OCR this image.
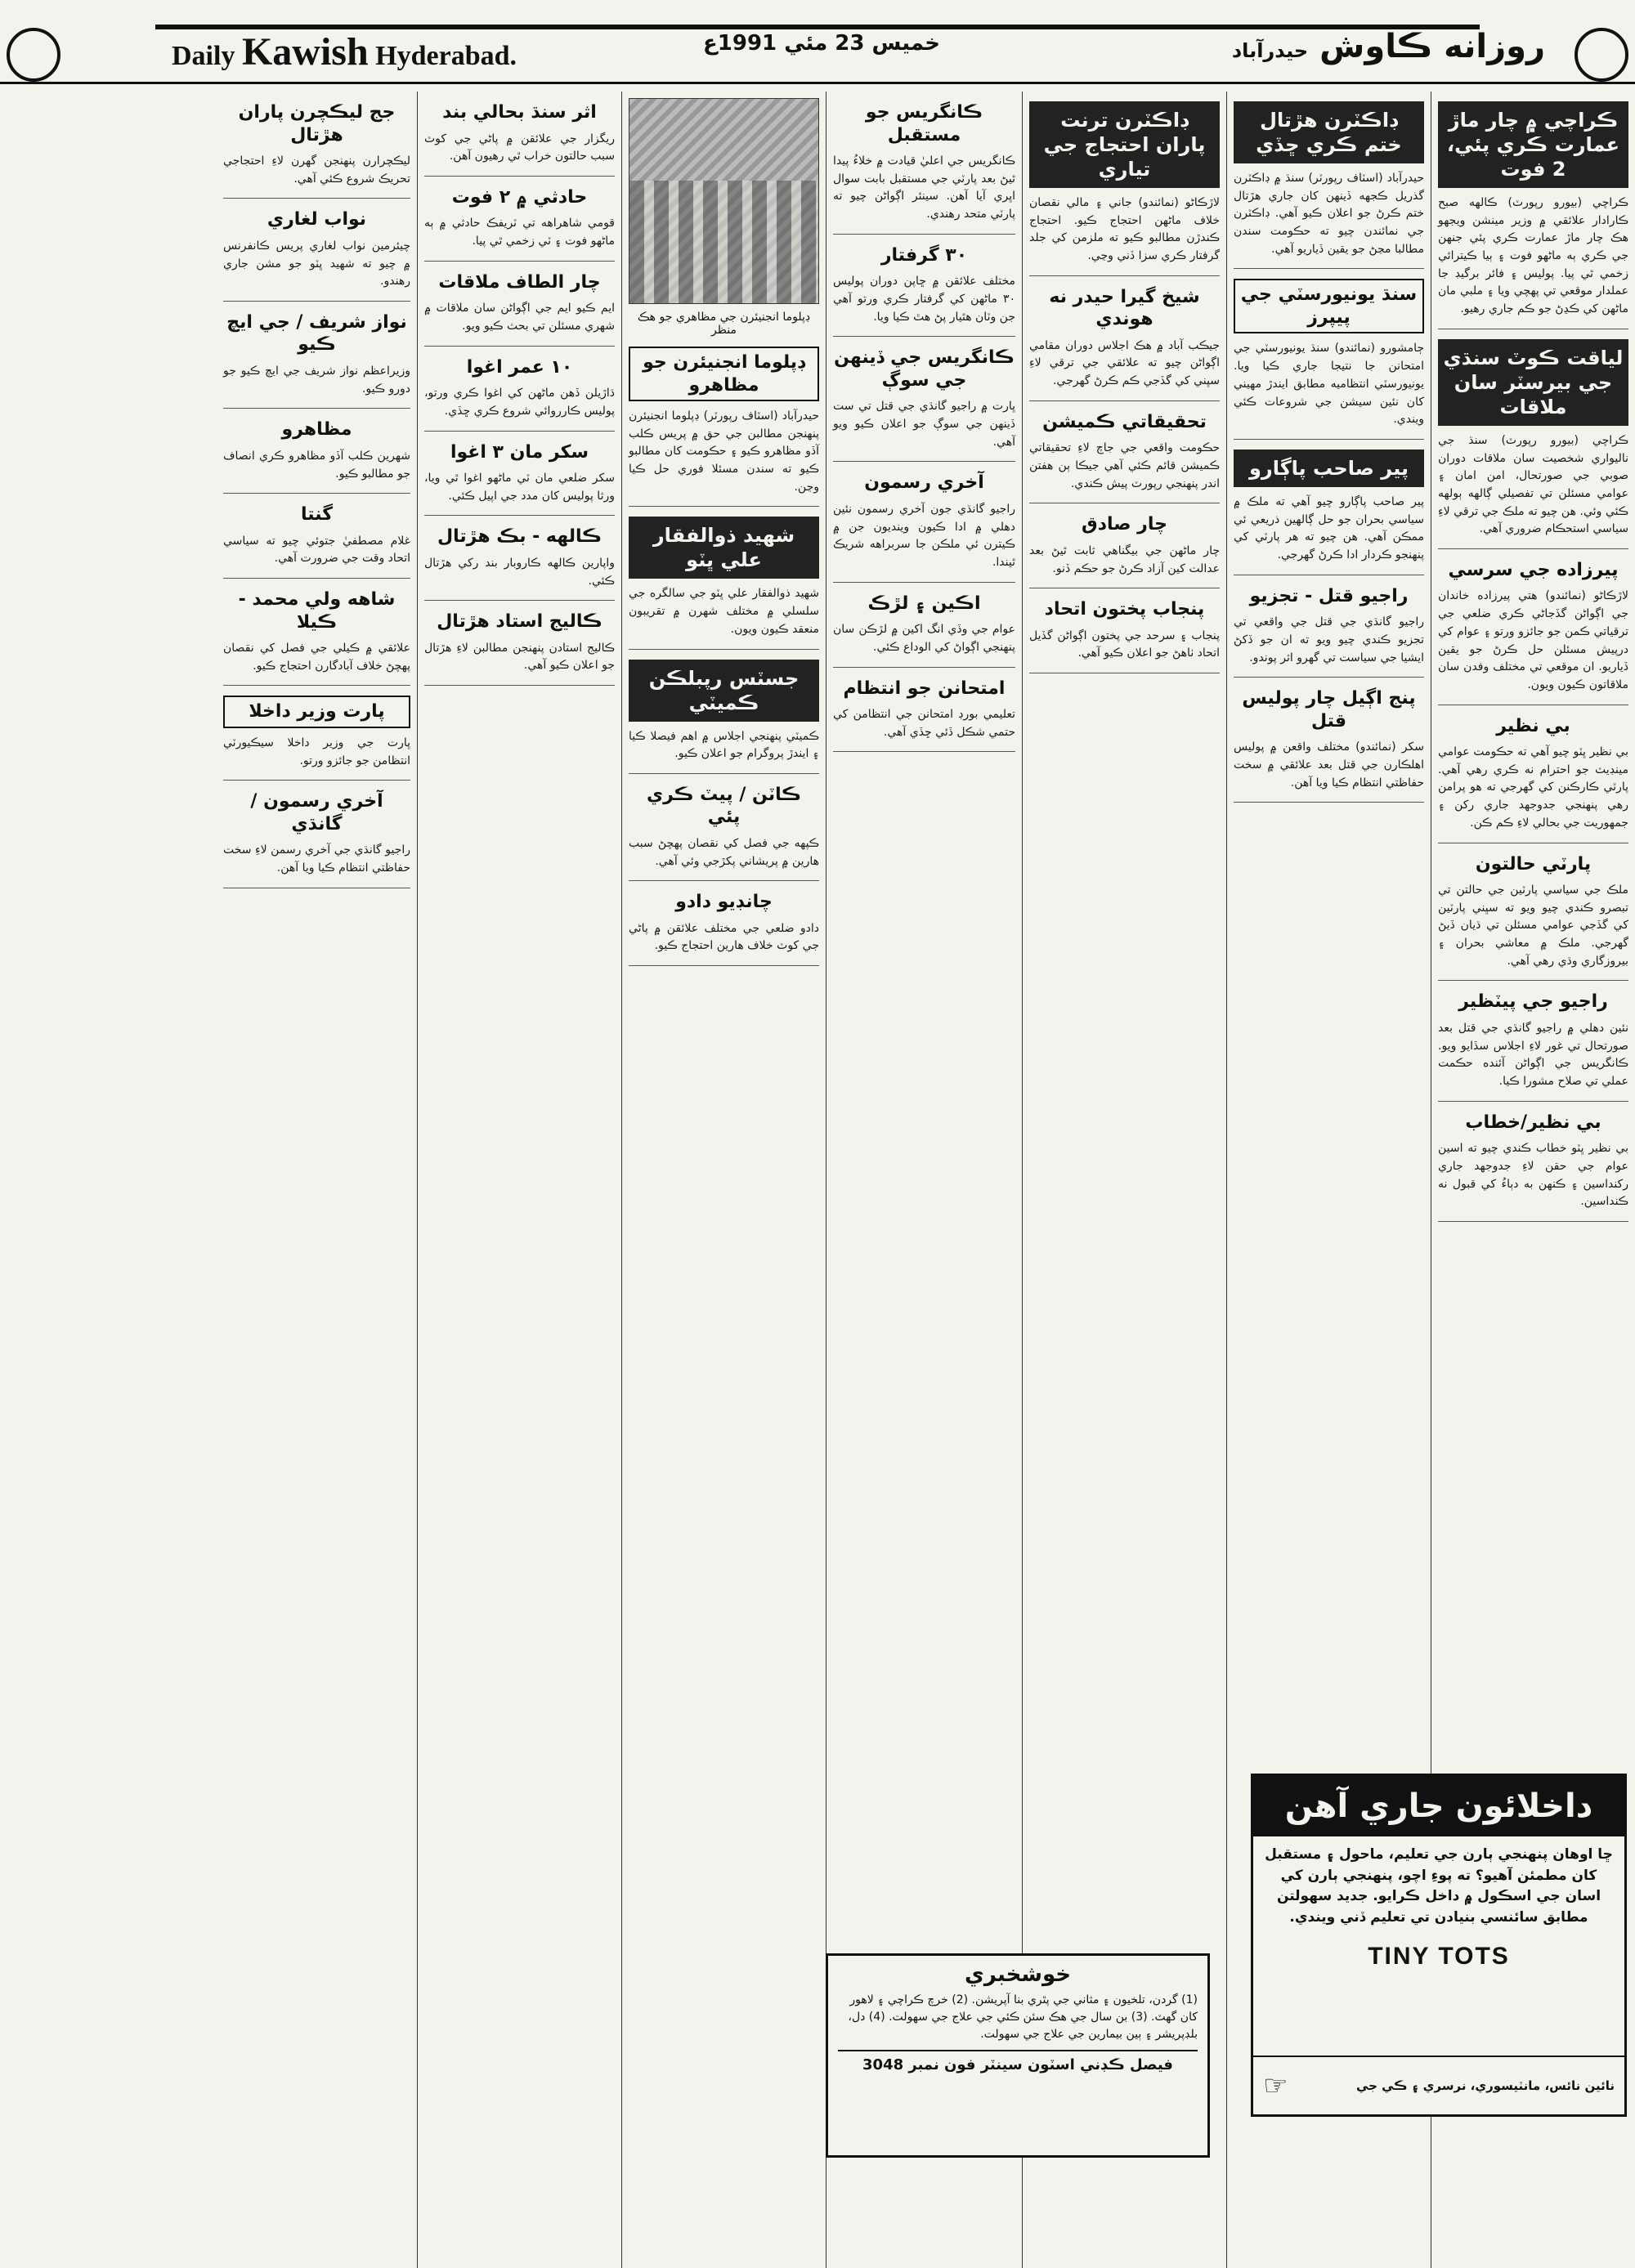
Daily Kawish Hyderabad.	خميس 23 مئي 1991ع	روزانه ڪاوش حيدرآباد
ڪراچي ۾ چار ماڙ عمارت ڪري پئي، 2 فوت

ڪراچي (بيورو رپورٽ) ڪالهه صبح ڪارادار علائقي ۾ وزير مينشن ويجهو هڪ چار ماڙ عمارت ڪري پئي جنهن جي ڪري ٻه ماڻهو فوت ۽ ٻيا ڪيترائي زخمي ٿي پيا. پوليس ۽ فائر برگيڊ جا عملدار موقعي تي پهچي ويا ۽ ملبي مان ماڻهن کي ڪڍڻ جو ڪم جاري رهيو.

لياقت ڪوٽ سنڌي جي بيرسٽر سان ملاقات

ڪراچي (بيورو رپورٽ) سنڌ جي ناليواري شخصيت سان ملاقات دوران صوبي جي صورتحال، امن امان ۽ عوامي مسئلن تي تفصيلي ڳالهه ٻولهه ڪئي وئي. هن چيو ته ملڪ جي ترقي لاءِ سياسي استحڪام ضروري آهي.

پيرزاده جي سرسي

لاڙڪاڻو (نمائندو) هتي پيرزاده خاندان جي اڳواڻن گڏجاڻي ڪري ضلعي جي ترقياتي ڪمن جو جائزو ورتو ۽ عوام کي درپيش مسئلن حل ڪرڻ جو يقين ڏياريو. ان موقعي تي مختلف وفدن سان ملاقاتون ڪيون ويون.

بي نظير

بي نظير ڀٽو چيو آهي ته حڪومت عوامي مينڊيٽ جو احترام نه ڪري رهي آهي. پارٽي ڪارڪنن کي گهرجي ته هو پرامن رهي پنهنجي جدوجهد جاري رکن ۽ جمهوريت جي بحالي لاءِ ڪم ڪن.

پارٽي حالتون

ملڪ جي سياسي پارٽين جي حالتن تي تبصرو ڪندي چيو ويو ته سڀني پارٽين کي گڏجي عوامي مسئلن تي ڌيان ڏيڻ گهرجي. ملڪ ۾ معاشي بحران ۽ بيروزگاري وڌي رهي آهي.

راجيو جي پيٽظير

نئين دهلي ۾ راجيو گانڌي جي قتل بعد صورتحال تي غور لاءِ اجلاس سڏايو ويو. ڪانگريس جي اڳواڻن آئنده حڪمت عملي تي صلاح مشورا ڪيا.

بي نظير/خطاب

بي نظير ڀٽو خطاب ڪندي چيو ته اسين عوام جي حقن لاءِ جدوجهد جاري رکنداسين ۽ ڪنهن به دٻاءُ کي قبول نه ڪنداسين.

ڊاڪٽرن هڙتال ختم ڪري ڇڏي

حيدرآباد (اسٽاف رپورٽر) سنڌ ۾ ڊاڪٽرن گذريل ڪجهه ڏينهن کان جاري هڙتال ختم ڪرڻ جو اعلان ڪيو آهي. ڊاڪٽرن جي نمائندن چيو ته حڪومت سندن مطالبا مڃڻ جو يقين ڏياريو آهي.

سنڌ يونيورسٽي جي پيپرز

ڄامشورو (نمائندو) سنڌ يونيورسٽي جي امتحانن جا نتيجا جاري ڪيا ويا. يونيورسٽي انتظاميه مطابق ايندڙ مهيني کان نئين سيشن جي شروعات ڪئي ويندي.

پير صاحب پاڳارو

پير صاحب پاڳارو چيو آهي ته ملڪ ۾ سياسي بحران جو حل ڳالهين ذريعي ئي ممڪن آهي. هن چيو ته هر پارٽي کي پنهنجو ڪردار ادا ڪرڻ گهرجي.

راجيو قتل - تجزيو

راجيو گانڌي جي قتل جي واقعي تي تجزيو ڪندي چيو ويو ته ان جو ڏکڻ ايشيا جي سياست تي گهرو اثر پوندو.

پنج اڳيل چار پوليس قتل

سکر (نمائندو) مختلف واقعن ۾ پوليس اهلڪارن جي قتل بعد علائقي ۾ سخت حفاظتي انتظام ڪيا ويا آهن.

ڊاڪٽرن ترنت پاران احتجاج جي تياري

لاڙڪاڻو (نمائندو) جاني ۽ مالي نقصان خلاف ماڻهن احتجاج ڪيو. احتجاج ڪندڙن مطالبو ڪيو ته ملزمن کي جلد گرفتار ڪري سزا ڏني وڃي.

شيخ گيرا حيدر نه هوندي

جيڪب آباد ۾ هڪ اجلاس دوران مقامي اڳواڻن چيو ته علائقي جي ترقي لاءِ سڀني کي گڏجي ڪم ڪرڻ گهرجي.

تحقيقاتي ڪميشن

حڪومت واقعي جي جاچ لاءِ تحقيقاتي ڪميشن قائم ڪئي آهي جيڪا ٻن هفتن اندر پنهنجي رپورٽ پيش ڪندي.

چار صادق

چار ماڻهن جي بيگناهي ثابت ٿيڻ بعد عدالت کين آزاد ڪرڻ جو حڪم ڏنو.

پنجاب پختون اتحاد

پنجاب ۽ سرحد جي پختون اڳواڻن گڏيل اتحاد ٺاهڻ جو اعلان ڪيو آهي.

ڪانگريس جو مستقبل

ڪانگريس جي اعليٰ قيادت ۾ خلاءُ پيدا ٿيڻ بعد پارٽي جي مستقبل بابت سوال اڀري آيا آهن. سينئر اڳواڻن چيو ته پارٽي متحد رهندي.

٣٠ گرفتار

مختلف علائقن ۾ ڇاپن دوران پوليس ٣٠ ماڻهن کي گرفتار ڪري ورتو آهي جن وٽان هٿيار پڻ هٿ ڪيا ويا.

ڪانگريس جي ڏينهن جي سوڳ

ڀارت ۾ راجيو گانڌي جي قتل تي ست ڏينهن جي سوڳ جو اعلان ڪيو ويو آهي.

آخري رسمون

راجيو گانڌي جون آخري رسمون نئين دهلي ۾ ادا ڪيون وينديون جن ۾ ڪيترن ئي ملڪن جا سربراهه شريڪ ٿيندا.

اڪين ۽ لڙڪ

عوام جي وڏي انگ اکين ۾ لڙڪن سان پنهنجي اڳواڻ کي الوداع ڪئي.

امتحانن جو انتظام

تعليمي بورڊ امتحانن جي انتظامن کي حتمي شڪل ڏئي ڇڏي آهي.

ڊپلوما انجنيئرن جي مظاهري جو هڪ منظر
ڊپلوما انجنيئرن جو مظاهرو

حيدرآباد (اسٽاف رپورٽر) ڊپلوما انجنيئرن پنهنجن مطالبن جي حق ۾ پريس ڪلب آڏو مظاهرو ڪيو ۽ حڪومت کان مطالبو ڪيو ته سندن مسئلا فوري حل ڪيا وڃن.

شهيد ذوالفقار علي ڀٽو

شهيد ذوالفقار علي ڀٽو جي سالگره جي سلسلي ۾ مختلف شهرن ۾ تقريبون منعقد ڪيون ويون.

جسٽس رپبلڪن ڪميٽي

ڪميٽي پنهنجي اجلاس ۾ اهم فيصلا ڪيا ۽ ايندڙ پروگرام جو اعلان ڪيو.

ڪاٽن / پيٽ ڪري پئي

ڪپهه جي فصل کي نقصان پهچڻ سبب هارين ۾ پريشاني پکڙجي وئي آهي.

چانڊيو دادو

دادو ضلعي جي مختلف علائقن ۾ پاڻي جي کوٽ خلاف هارين احتجاج ڪيو.

اثر سنڌ بحالي بند

ريگزار جي علائقن ۾ پاڻي جي کوٽ سبب حالتون خراب ٿي رهيون آهن.

حادثي ۾ ٢ فوت

قومي شاهراهه تي ٽريفڪ حادثي ۾ ٻه ماڻهو فوت ۽ ٽي زخمي ٿي پيا.

چار الطاف ملاقات

ايم ڪيو ايم جي اڳواڻن سان ملاقات ۾ شهري مسئلن تي بحث ڪيو ويو.

١٠ عمر اغوا

ڌاڙيلن ڏهن ماڻهن کي اغوا ڪري ورتو، پوليس ڪارروائي شروع ڪري ڇڏي.

سکر مان ٣ اغوا

سکر ضلعي مان ٽي ماڻهو اغوا ٿي ويا، ورثا پوليس کان مدد جي اپيل ڪئي.

ڪالهه - بڪ هڙتال

واپارين ڪالهه ڪاروبار بند رکي هڙتال ڪئي.

ڪاليج استاد هڙتال

ڪاليج استادن پنهنجن مطالبن لاءِ هڙتال جو اعلان ڪيو آهي.

جج ليڪچرن پاران هڙتال

ليڪچرارن پنهنجن گهرن لاءِ احتجاجي تحريڪ شروع ڪئي آهي.

نواب لغاري

چيئرمين نواب لغاري پريس ڪانفرنس ۾ چيو ته شهيد ڀٽو جو مشن جاري رهندو.

نواز شريف / جي ايچ ڪيو

وزيراعظم نواز شريف جي ايچ ڪيو جو دورو ڪيو.

مظاهرو

شهرين ڪلب آڏو مظاهرو ڪري انصاف جو مطالبو ڪيو.

گنتا

غلام مصطفيٰ جتوئي چيو ته سياسي اتحاد وقت جي ضرورت آهي.

شاهه ولي محمد - ڪيلا

علائقي ۾ ڪيلي جي فصل کي نقصان پهچڻ خلاف آبادگارن احتجاج ڪيو.

پارت وزير داخلا

ڀارت جي وزير داخلا سيڪيورٽي انتظامن جو جائزو ورتو.

آخري رسمون / گانڌي

راجيو گانڌي جي آخري رسمن لاءِ سخت حفاظتي انتظام ڪيا ويا آهن.

داخلائون جاري آهن
ڇا اوهان پنهنجي ٻارن جي تعليم، ماحول ۽ مستقبل کان مطمئن آهيو؟ ته پوءِ اچو، پنهنجي ٻارن کي اسان جي اسڪول ۾ داخل ڪرايو. جديد سهولتن مطابق سائنسي بنيادن تي تعليم ڏني ويندي.
TINY TOTS
نائين نائس، مانٽيسوري، نرسري ۽ ڪي جي
☞
خوشخبري
(1) گردن، تلخيون ۽ مثاني جي پٿري بنا آپريشن. (2) خرچ ڪراچي ۽ لاهور کان گهٽ. (3) بن سال جي هڪ سئن ڪئي جي علاج جي سهولت. (4) دل، بلڊپريشر ۽ ٻين بيمارين جي علاج جي سهولت.
فيصل ڪڊني اسٽون سينٽر فون نمبر 3048
